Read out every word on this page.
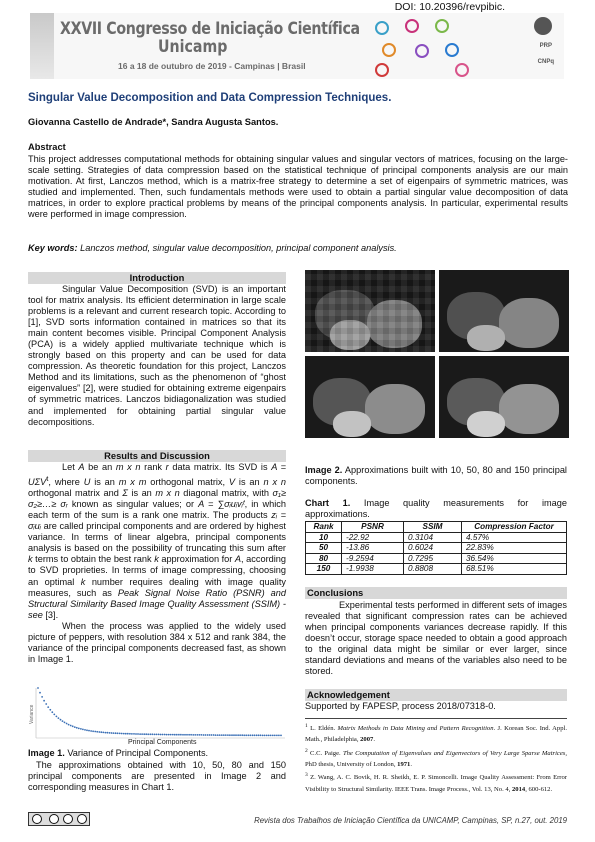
DOI: 10.20396/revpibic.
XXVII Congresso de Iniciação Científica
Unicamp
16 a 18 de outubro de 2019 - Campinas | Brasil
PRP
CNPq
Singular Value Decomposition and Data Compression Techniques.
Giovanna Castello de Andrade*, Sandra Augusta Santos.
Abstract
This project addresses computational methods for obtaining singular values and singular vectors of matrices, focusing on the large-scale setting. Strategies of data compression based on the statistical technique of principal components analysis are our main motivation. At first, Lanczos method, which is a matrix-free strategy to determine a set of eigenpairs of symmetric matrices, was studied and implemented. Then, such fundamentals methods were used to obtain a partial singular value decomposition of data matrices, in order to explore practical problems by means of the principal components analysis. In particular, experimental results were performed in image compression.
Key words: Lanczos method, singular value decomposition, principal component analysis.
Introduction

Singular Value Decomposition (SVD) is an important tool for matrix analysis. Its efficient determination in large scale problems is a relevant and current research topic. According to [1], SVD sorts information contained in matrices so that its main content becomes visible. Principal Component Analysis (PCA) is a widely applied multivariate technique which is strongly based on this property and can be used for data compression. As theoretic foundation for this project, Lanczos Method and its limitations, such as the phenomenon of “ghost eigenvalues” [2], were studied for obtaining extreme eigenpairs of symmetric matrices. Lanczos bidiagonalization was studied and implemented for obtaining partial singular value decompositions.

Results and Discussion

Let A be an m x n rank r data matrix. Its SVD is $A = U\Sigma V^t$, where U is an m x m orthogonal matrix, V is an n x n orthogonal matrix and Σ is an m x n diagonal matrix, with σ₁≥ σ₂≥…≥ σᵣ known as singular values; or A = ∑σᵢuᵢvᵢᵗ, in which each term of the sum is a rank one matrix. The products zᵢ = σᵢuᵢ are called principal components and are ordered by highest variance. In terms of linear algebra, principal components analysis is based on the possibility of truncating this sum after k terms to obtain the best rank k approximation for A, according to SVD proprieties. In terms of image compressing, choosing an optimal k number requires dealing with image quality measures, such as Peak Signal Noise Ratio (PSNR) and Structural Similarity Based Image Quality Assessment (SSIM) - see [3].

When the process was applied to the widely used picture of peppers, with resolution 384 x 512 and rank 384, the variance of the principal components decreased fast, as shown in Image 1.

Variance
Principal Components
Image 1. Variance of Principal Components.

The approximations obtained with 10, 50, 80 and 150 principal components are presented in Image 2 and corresponding measures in Chart 1.

Image 2. Approximations built with 10, 50, 80 and 150 principal components.
Chart 1. Image quality measurements for image approximations.
Rank	PSNR	SSIM	Compression Factor
10	-22.92	0.3104	4.57%
50	-13.86	0.6024	22.83%
80	-9.2594	0.7295	36.54%
150	-1.9938	0.8808	68.51%
Conclusions

Experimental tests performed in different sets of images revealed that significant compression rates can be achieved when principal components variances decrease rapidly. If this doesn’t occur, storage space needed to obtain a good approach to the original data might be similar or ever larger, since standard deviations and means of the variables also need to be stored.

Acknowledgement
Supported by FAPESP, process 2018/07318-0.
$^1$ L. Eldén. Matrix Methods in Data Mining and Pattern Recognition. J. Korean Soc. Ind. Appl. Math., Philadelphia, 2007.
$^2$ C.C. Paige. The Computation of Eigenvalues and Eigenvectors of Very Large Sparse Matrices, PhD thesis, University of London, 1971.
$^3$ Z. Wang, A. C. Bovik, H. R. Sheikh, E. P. Simoncelli. Image Quality Assessment: From Error Visibility to Structural Similarity. IEEE Trans. Image Process., Vol. 13, No. 4, 2014, 600-612.
Revista dos Trabalhos de Iniciação Científica da UNICAMP, Campinas, SP, n.27, out. 2019
